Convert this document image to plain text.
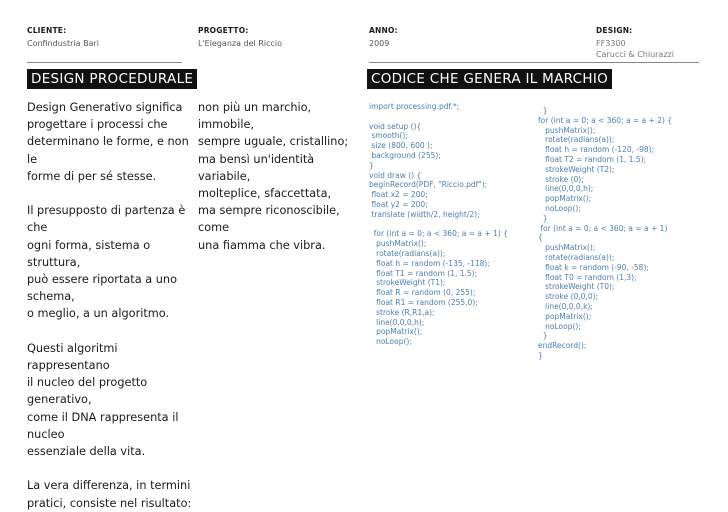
CLIENTE:
Confindustria Bari
PROGETTO:
L'Eleganza del Riccio
ANNO:
2009
DESIGN:
FF3300
Carucci & Chiurazzi
DESIGN PROCEDURALE	CODICE CHE GENERA IL MARCHIO

Design Generativo significa

progettare i processi che

determinano le forme, e non le

forme di per sé stesse.

Il presupposto di partenza è che

ogni forma, sistema o struttura,

può essere riportata a uno

schema,

o meglio, a un algoritmo.

Questi algoritmi rappresentano

il nucleo del progetto generativo,

come il DNA rappresenta il nucleo

essenziale della vita.

La vera differenza, in termini

pratici, consiste nel risultato:

non più un marchio, immobile,

sempre uguale, cristallino;

ma bensì un'identità variabile,

molteplice, sfaccettata,

ma sempre riconoscibile, come

una fiamma che vibra.

import processing.pdf.*;

void setup (){
smooth();
size (800, 600 );
background (255);
}
void draw () {
beginRecord(PDF, "Riccio.pdf");
float x2 = 200;
float y2 = 200;
translate (width/2, height/2);

for (int a = 0; a < 360; a = a + 1) {
pushMatrix();
rotate(radians(a));
float h = random (-135, -118);
float T1 = random (1, 1.5);
strokeWeight (T1);
float R = random (0, 255);
float R1 = random (255,0);
stroke (R,R1,a);
line(0,0,0,h);
popMatrix();
noLoop();
}
for (int a = 0; a < 360; a = a + 2) {
pushMatrix();
rotate(radians(a));
float h = random (-120, -98);
float T2 = random (1, 1.5);
strokeWeight (T2);
stroke (0);
line(0,0,0,h);
popMatrix();
noLoop();
}
for (int a = 0; a < 360; a = a + 1)
{
pushMatrix();
rotate(radians(a));
float k = random (-90, -58);
float T0 = random (1,3);
strokeWeight (T0);
stroke (0,0,0);
line(0,0,0,k);
popMatrix();
noLoop();
}
endRecord();
}
